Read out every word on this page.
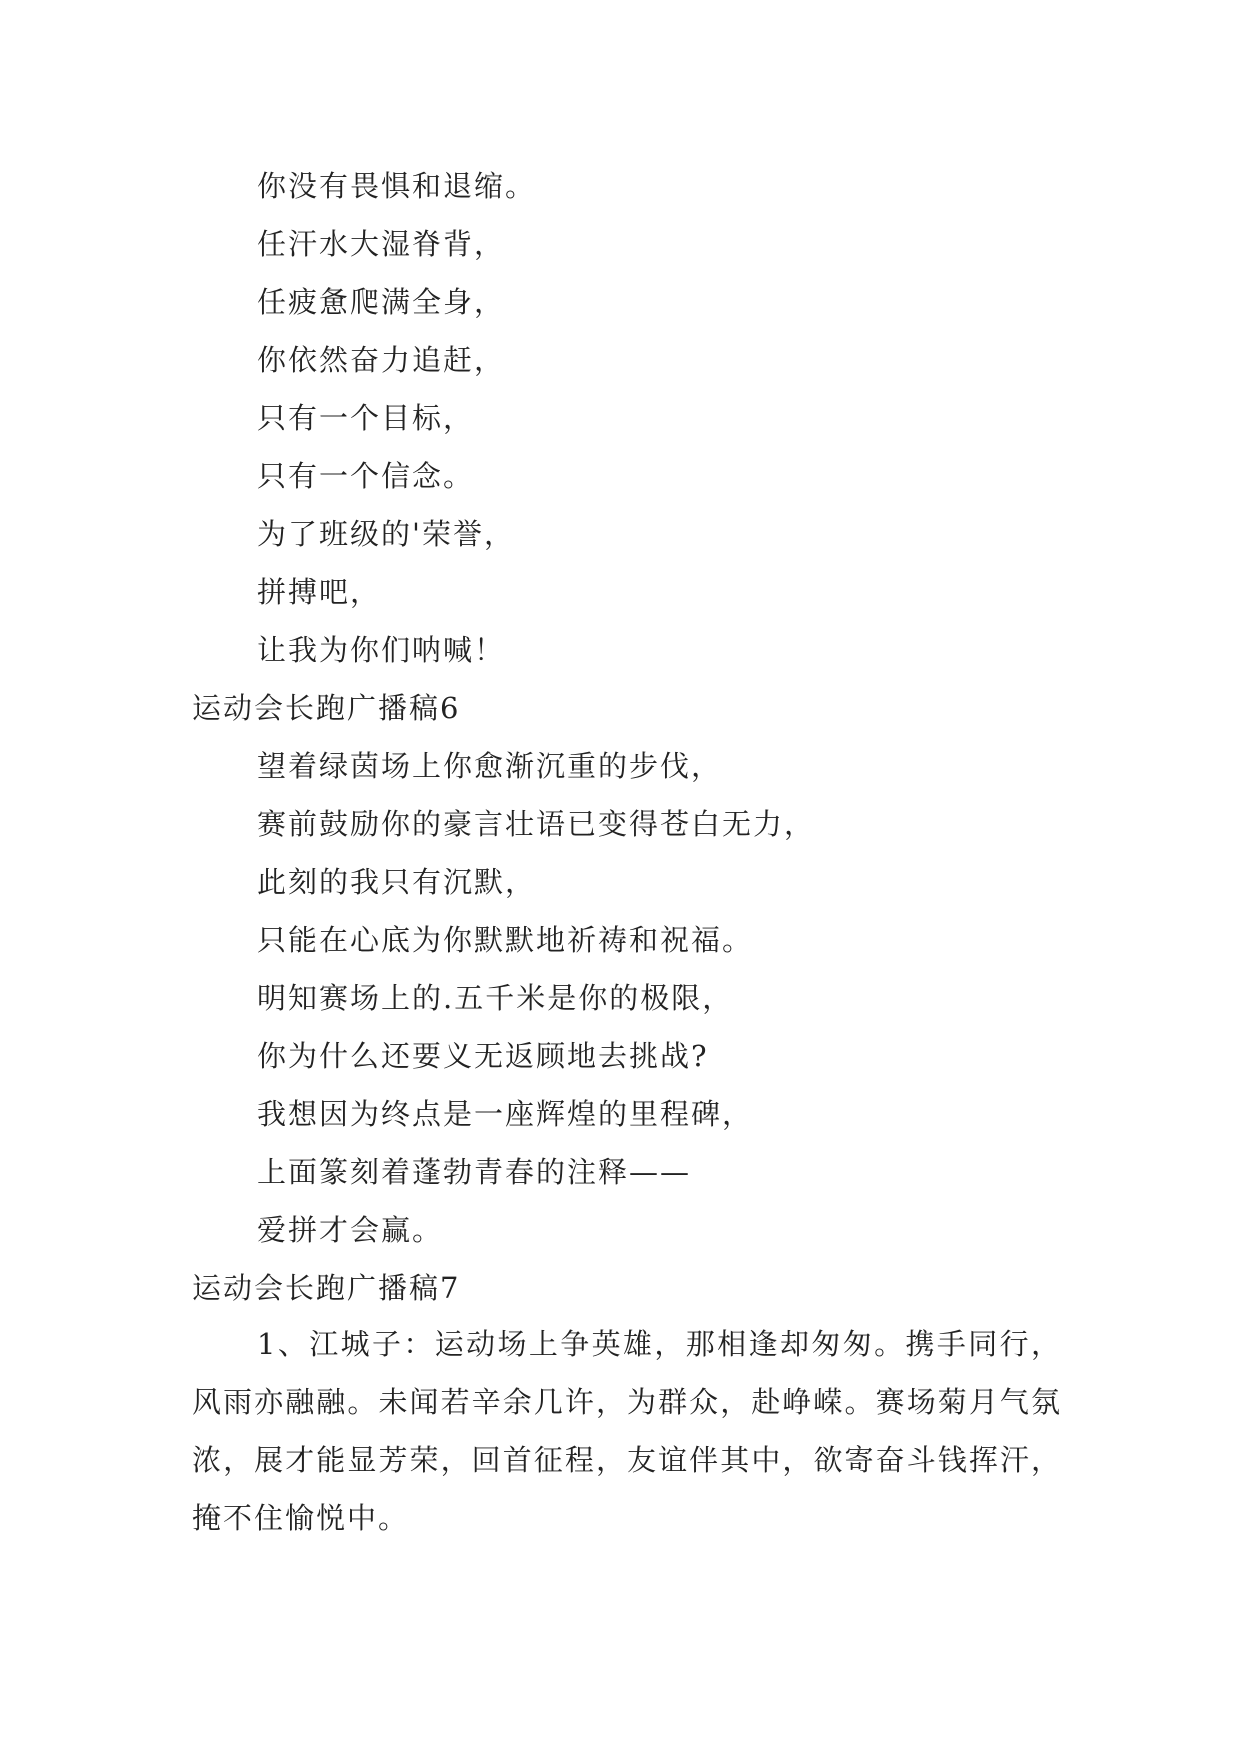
你没有畏惧和退缩。
任汗水大湿脊背，
任疲惫爬满全身，
你依然奋力追赶，
只有一个目标，
只有一个信念。
为了班级的'荣誉，
拼搏吧，
让我为你们呐喊！
运动会长跑广播稿6
望着绿茵场上你愈渐沉重的步伐，
赛前鼓励你的豪言壮语已变得苍白无力，
此刻的我只有沉默，
只能在心底为你默默地祈祷和祝福。
明知赛场上的.五千米是你的极限，
你为什么还要义无返顾地去挑战?
我想因为终点是一座辉煌的里程碑，
上面篆刻着蓬勃青春的注释——
爱拼才会赢。
运动会长跑广播稿7
1、江城子：运动场上争英雄，那相逢却匆匆。携手同行，风雨亦融融。未闻若辛余几许，为群众，赴峥嵘。赛场菊月气氛浓，展才能显芳荣，回首征程，友谊伴其中，欲寄奋斗钱挥汗，掩不住愉悦中。
